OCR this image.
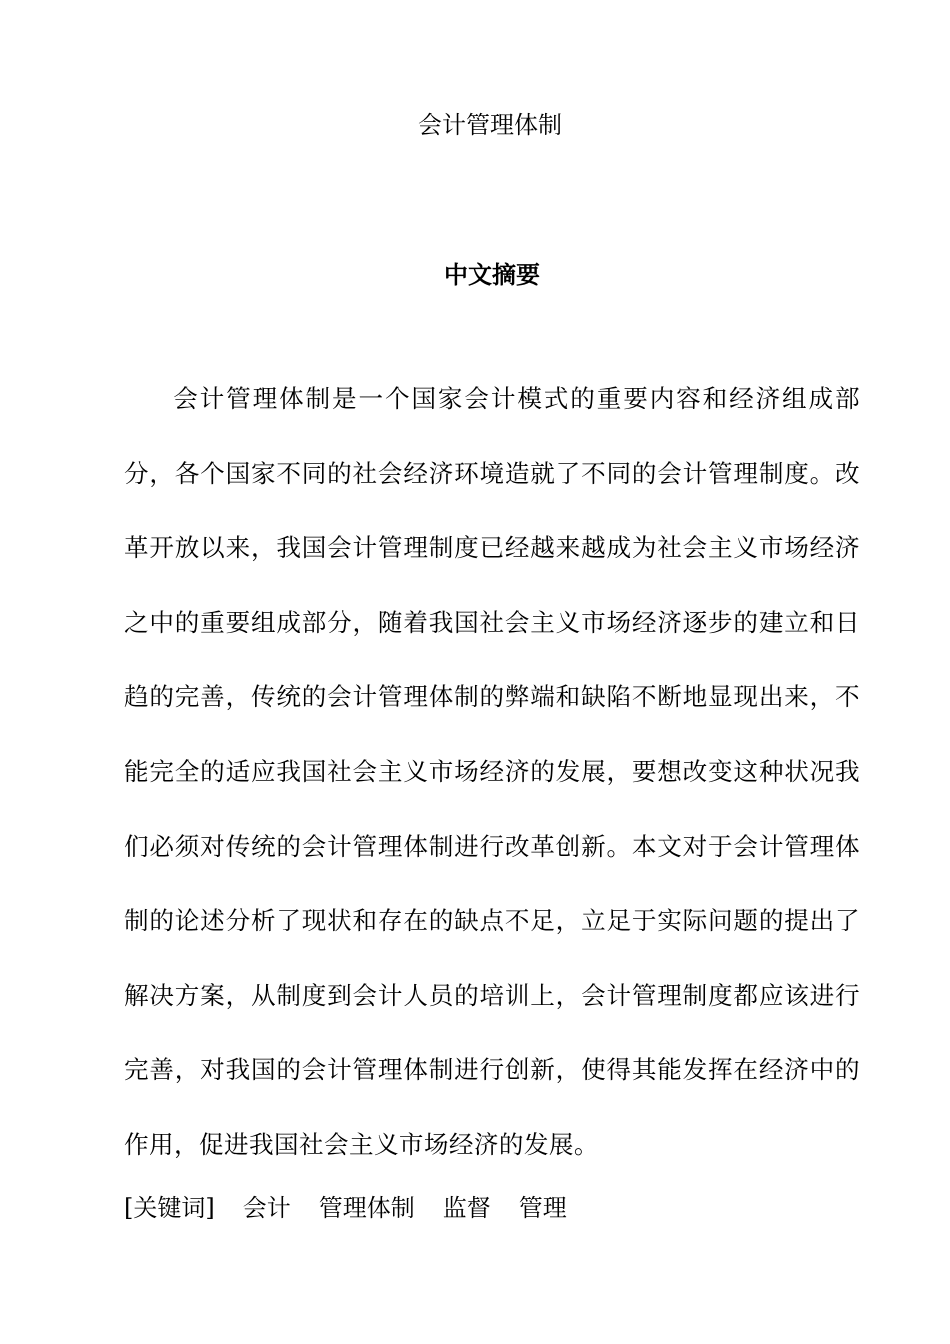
会计管理体制
中文摘要

会计管理体制是一个国家会计模式的重要内容和经济组成部分，各个国家不同的社会经济环境造就了不同的会计管理制度。改革开放以来，我国会计管理制度已经越来越成为社会主义市场经济之中的重要组成部分，随着我国社会主义市场经济逐步的建立和日趋的完善，传统的会计管理体制的弊端和缺陷不断地显现出来，不能完全的适应我国社会主义市场经济的发展，要想改变这种状况我们必须对传统的会计管理体制进行改革创新。本文对于会计管理体制的论述分析了现状和存在的缺点不足，立足于实际问题的提出了解决方案，从制度到会计人员的培训上，会计管理制度都应该进行完善，对我国的会计管理体制进行创新，使得其能发挥在经济中的作用，促进我国社会主义市场经济的发展。

[关键词] 会计 管理体制 监督 管理
